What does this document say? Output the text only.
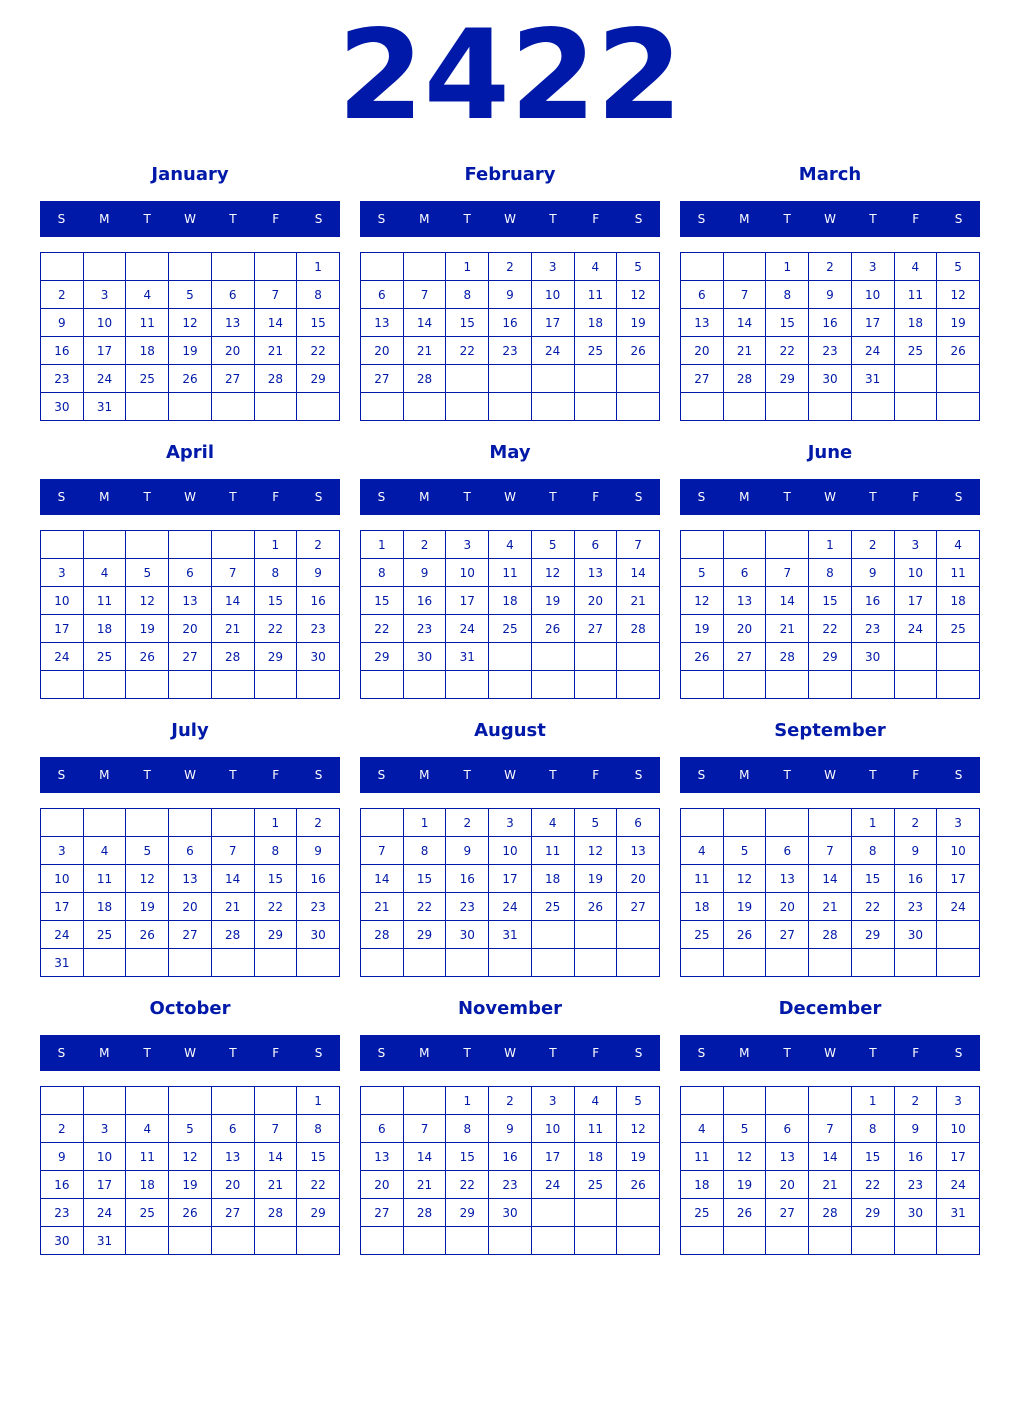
2422
January
S	M	T	W	T	F	S
						1
2	3	4	5	6	7	8
9	10	11	12	13	14	15
16	17	18	19	20	21	22
23	24	25	26	27	28	29
30	31					
February
S	M	T	W	T	F	S
		1	2	3	4	5
6	7	8	9	10	11	12
13	14	15	16	17	18	19
20	21	22	23	24	25	26
27	28					

March
S	M	T	W	T	F	S
		1	2	3	4	5
6	7	8	9	10	11	12
13	14	15	16	17	18	19
20	21	22	23	24	25	26
27	28	29	30	31		

April
S	M	T	W	T	F	S
					1	2
3	4	5	6	7	8	9
10	11	12	13	14	15	16
17	18	19	20	21	22	23
24	25	26	27	28	29	30

May
S	M	T	W	T	F	S
1	2	3	4	5	6	7
8	9	10	11	12	13	14
15	16	17	18	19	20	21
22	23	24	25	26	27	28
29	30	31				

June
S	M	T	W	T	F	S
			1	2	3	4
5	6	7	8	9	10	11
12	13	14	15	16	17	18
19	20	21	22	23	24	25
26	27	28	29	30		

July
S	M	T	W	T	F	S
					1	2
3	4	5	6	7	8	9
10	11	12	13	14	15	16
17	18	19	20	21	22	23
24	25	26	27	28	29	30
31						
August
S	M	T	W	T	F	S
	1	2	3	4	5	6
7	8	9	10	11	12	13
14	15	16	17	18	19	20
21	22	23	24	25	26	27
28	29	30	31			

September
S	M	T	W	T	F	S
				1	2	3
4	5	6	7	8	9	10
11	12	13	14	15	16	17
18	19	20	21	22	23	24
25	26	27	28	29	30	

October
S	M	T	W	T	F	S
						1
2	3	4	5	6	7	8
9	10	11	12	13	14	15
16	17	18	19	20	21	22
23	24	25	26	27	28	29
30	31					
November
S	M	T	W	T	F	S
		1	2	3	4	5
6	7	8	9	10	11	12
13	14	15	16	17	18	19
20	21	22	23	24	25	26
27	28	29	30			

December
S	M	T	W	T	F	S
				1	2	3
4	5	6	7	8	9	10
11	12	13	14	15	16	17
18	19	20	21	22	23	24
25	26	27	28	29	30	31
